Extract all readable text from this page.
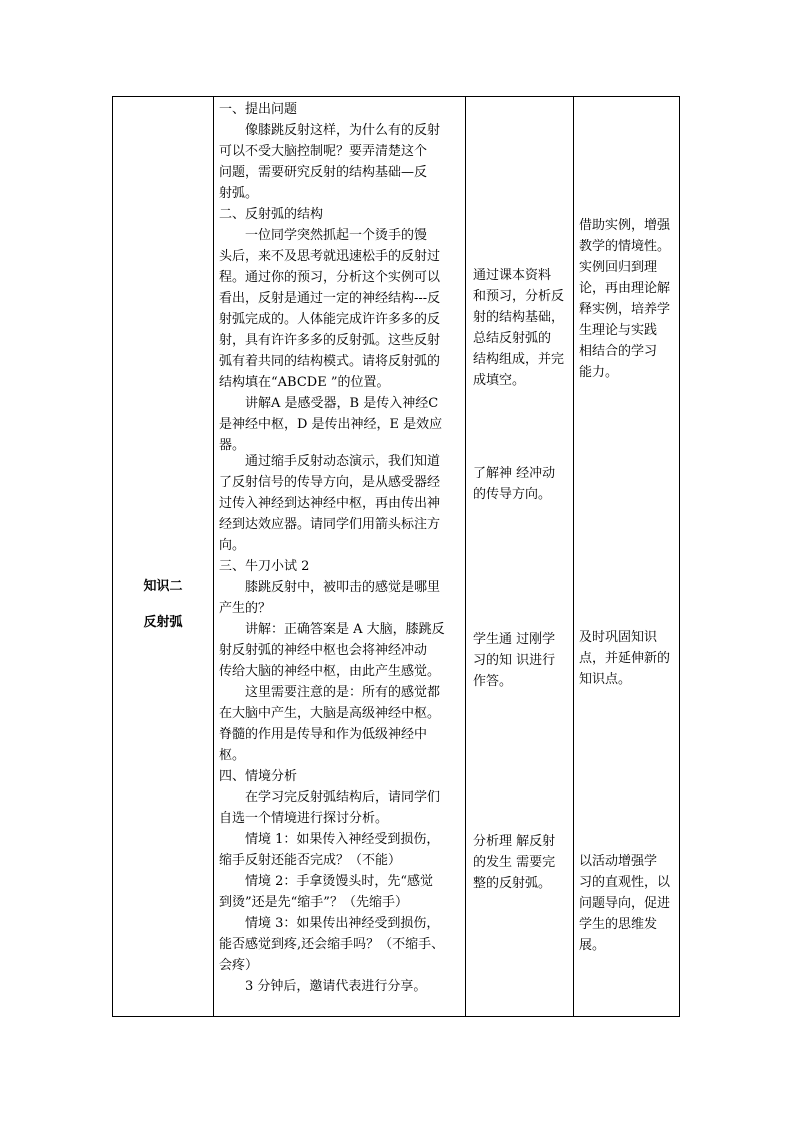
知识二
反射弧

一、提出问题

像膝跳反射这样，为什么有的反射

可以不受大脑控制呢？要弄清楚这个

问题，需要研究反射的结构基础—反

射弧。

二、反射弧的结构

一位同学突然抓起一个烫手的馒

头后，来不及思考就迅速松手的反射过

程。通过你的预习，分析这个实例可以

看出，反射是通过一定的神经结构---反

射弧完成的。人体能完成许许多多的反

射，具有许许多多的反射弧。这些反射

弧有着共同的结构模式。请将反射弧的

结构填在“ABCDE ”的位置。

讲解A 是感受器，B 是传入神经C

是神经中枢，D 是传出神经，E 是效应

器。

通过缩手反射动态演示，我们知道

了反射信号的传导方向，是从感受器经

过传入神经到达神经中枢，再由传出神

经到达效应器。请同学们用箭头标注方

向。

三、牛刀小试 2

膝跳反射中，被叩击的感觉是哪里

产生的？

讲解：正确答案是 A 大脑，膝跳反

射反射弧的神经中枢也会将神经冲动

传给大脑的神经中枢，由此产生感觉。

这里需要注意的是：所有的感觉都

在大脑中产生，大脑是高级神经中枢。

脊髓的作用是传导和作为低级神经中

枢。

四、情境分析

在学习完反射弧结构后，请同学们

自选一个情境进行探讨分析。

情境 1：如果传入神经受到损伤，

缩手反射还能否完成？（不能）

情境 2：手拿烫馒头时，先“感觉

到烫”还是先“缩手”？（先缩手）

情境 3：如果传出神经受到损伤，

能否感觉到疼,还会缩手吗？（不缩手、

会疼）

3 分钟后，邀请代表进行分享。

通过课本资料

和预习，分析反

射的结构基础，

总结反射弧的

结构组成，并完

成填空。

了解神 经冲动

的传导方向。

学生通 过刚学

习的知 识进行

作答。

分析理 解反射

的发生 需要完

整的反射弧。

借助实例，增强

教学的情境性。

实例回归到理

论，再由理论解

释实例，培养学

生理论与实践

相结合的学习

能力。

及时巩固知识

点，并延伸新的

知识点。

以活动增强学

习的直观性，以

问题导向，促进

学生的思维发

展。
